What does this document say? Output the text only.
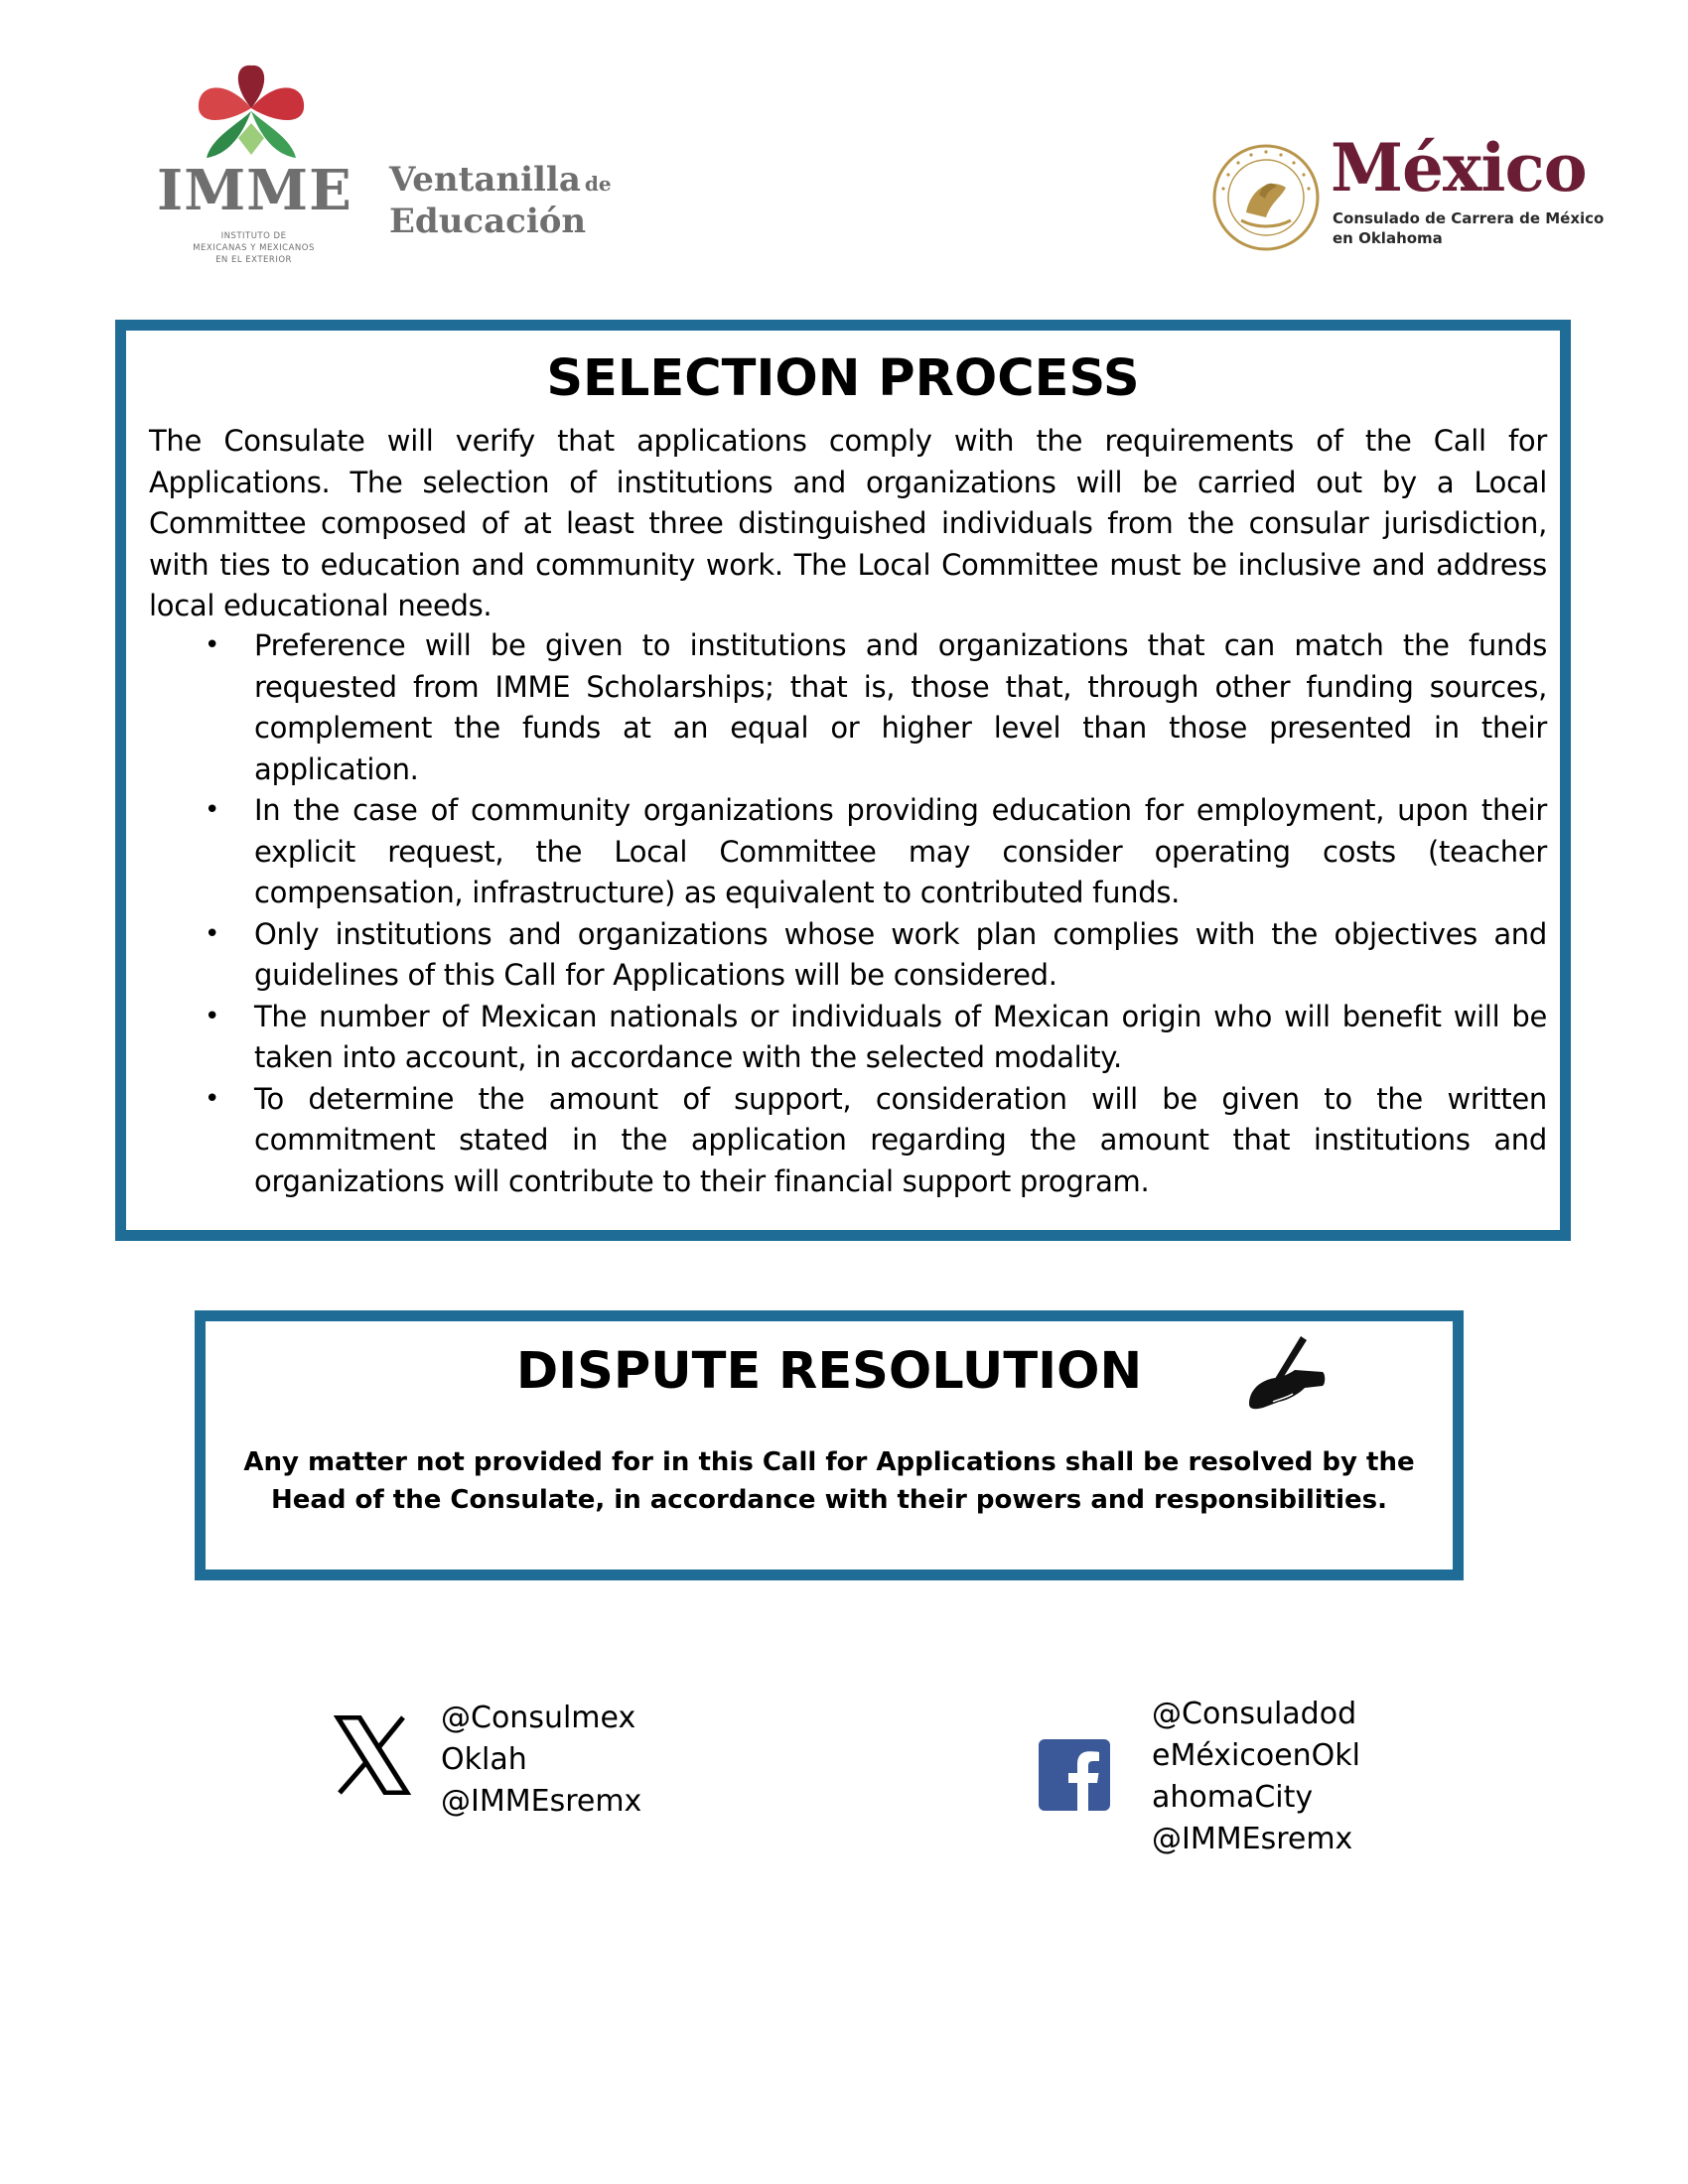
IMME
INSTITUTO DE
MEXICANAS Y MEXICANOS
EN EL EXTERIOR
Ventanilla de
Educación
México
Consulado de Carrera de México
en Oklahoma
SELECTION PROCESS
The Consulate will verify that applications comply with the requirements of the Call for Applications. The selection of institutions and organizations will be carried out by a Local Committee composed of at least three distinguished individuals from the consular jurisdiction, with ties to education and community work. The Local Committee must be inclusive and address local educational needs.
• Preference will be given to institutions and organizations that can match the funds requested from IMME Scholarships; that is, those that, through other funding sources, complement the funds at an equal or higher level than those presented in their application.
• In the case of community organizations providing education for employment, upon their explicit request, the Local Committee may consider operating costs (teacher compensation, infrastructure) as equivalent to contributed funds.
• Only institutions and organizations whose work plan complies with the objectives and guidelines of this Call for Applications will be considered.
• The number of Mexican nationals or individuals of Mexican origin who will benefit will be taken into account, in accordance with the selected modality.
• To determine the amount of support, consideration will be given to the written commitment stated in the application regarding the amount that institutions and organizations will contribute to their financial support program.
DISPUTE RESOLUTION
Any matter not provided for in this Call for Applications shall be resolved by the Head of the Consulate, in accordance with their powers and responsibilities.
@Consulmex
Oklah
@IMMEsremx
@Consuladod
eMéxicoenOkl
ahomaCity
@IMMEsremx
